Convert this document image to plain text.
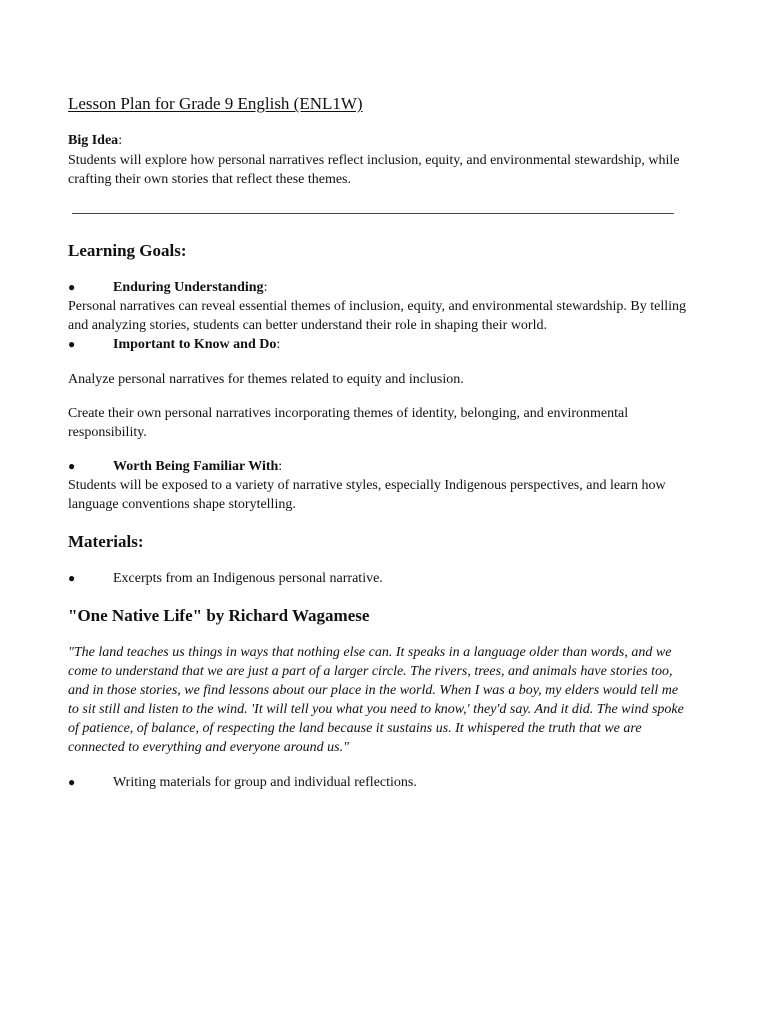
Lesson Plan for Grade 9 English (ENL1W)
Big Idea:
Students will explore how personal narratives reflect inclusion, equity, and environmental stewardship, while crafting their own stories that reflect these themes.
Learning Goals:
●	Enduring Understanding:
Personal narratives can reveal essential themes of inclusion, equity, and environmental stewardship. By telling and analyzing stories, students can better understand their role in shaping their world.
●	Important to Know and Do:
Analyze personal narratives for themes related to equity and inclusion.
Create their own personal narratives incorporating themes of identity, belonging, and environmental responsibility.
●	Worth Being Familiar With:
Students will be exposed to a variety of narrative styles, especially Indigenous perspectives, and learn how language conventions shape storytelling.
Materials:
●	Excerpts from an Indigenous personal narrative.
"One Native Life" by Richard Wagamese
"The land teaches us things in ways that nothing else can. It speaks in a language older than words, and we come to understand that we are just a part of a larger circle. The rivers, trees, and animals have stories too, and in those stories, we find lessons about our place in the world. When I was a boy, my elders would tell me to sit still and listen to the wind. 'It will tell you what you need to know,' they'd say. And it did. The wind spoke of patience, of balance, of respecting the land because it sustains us. It whispered the truth that we are connected to everything and everyone around us."
●	Writing materials for group and individual reflections.
